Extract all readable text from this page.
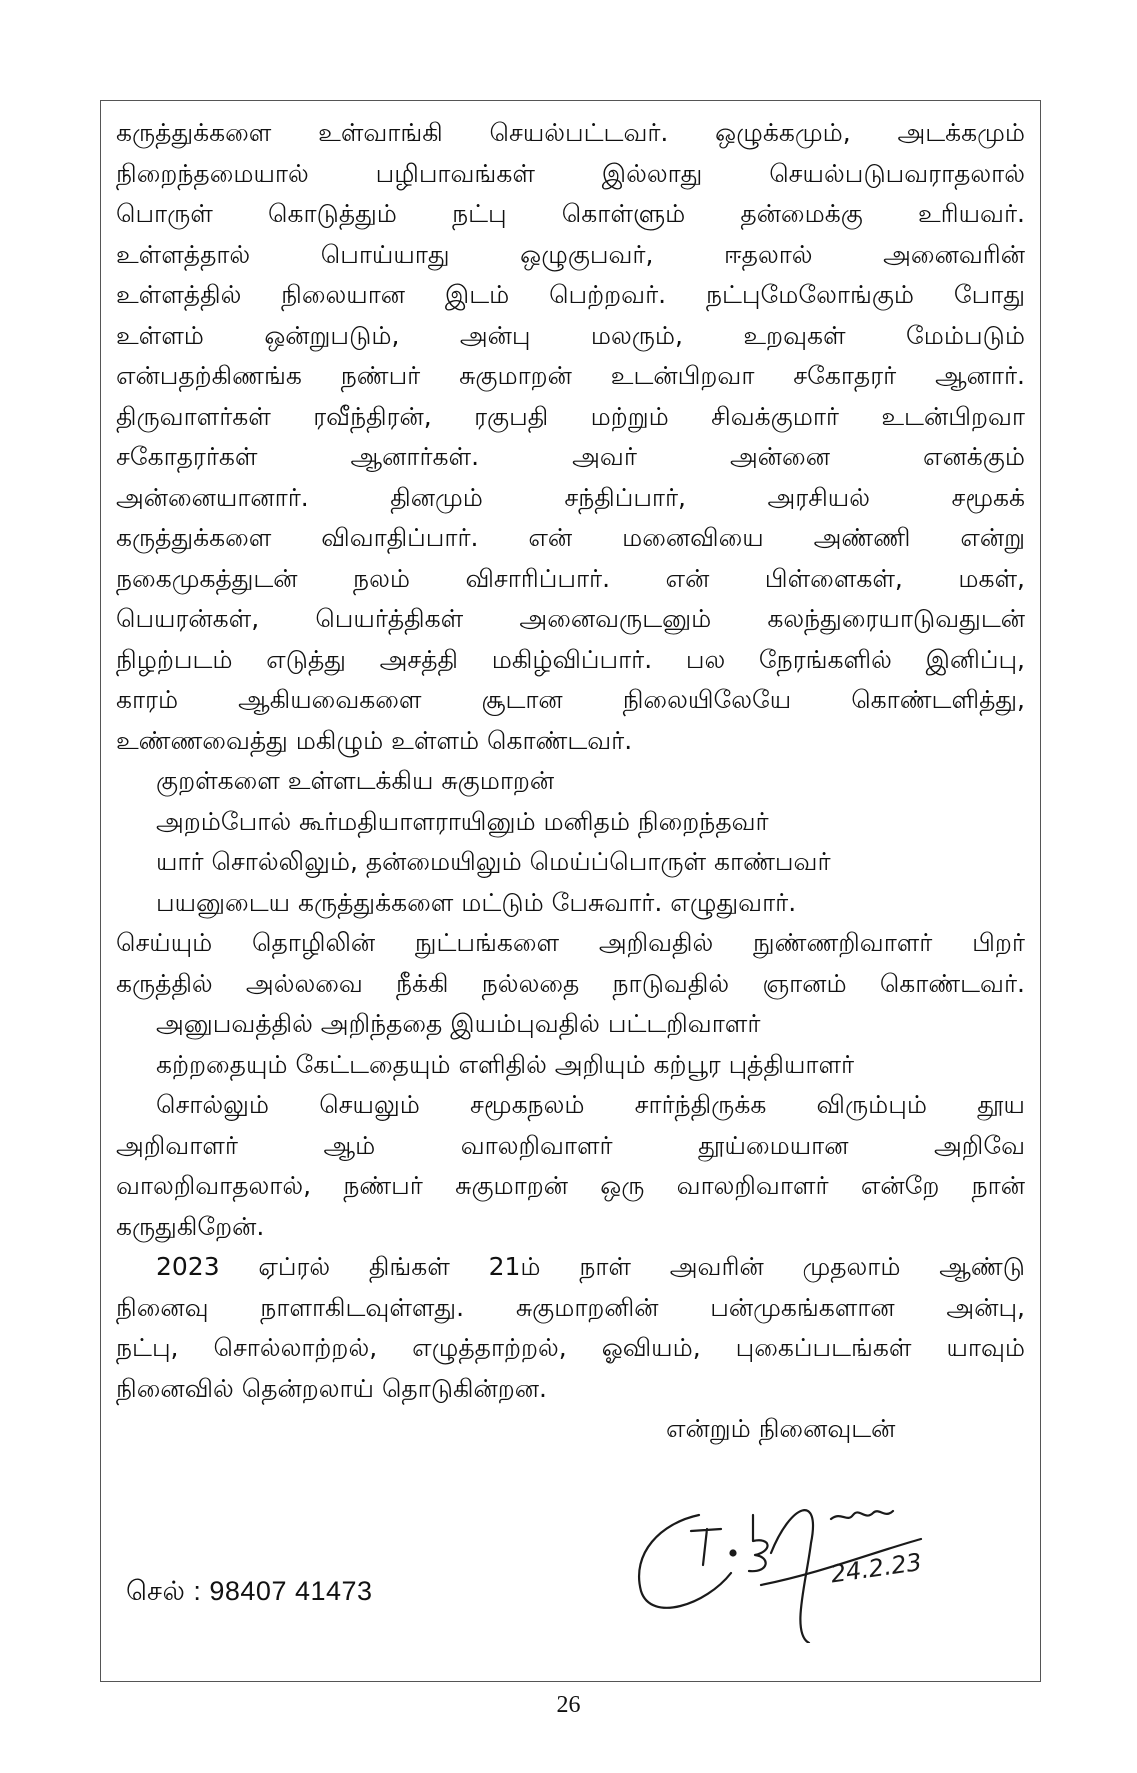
கருத்துக்களை உள்வாங்கி செயல்பட்டவர். ஒழுக்கமும், அடக்கமும்
நிறைந்தமையால் பழிபாவங்கள் இல்லாது செயல்படுபவராதலால்
பொருள் கொடுத்தும் நட்பு கொள்ளும் தன்மைக்கு உரியவர்.
உள்ளத்தால் பொய்யாது ஒழுகுபவர், ஈதலால் அனைவரின்
உள்ளத்தில் நிலையான இடம் பெற்றவர். நட்புமேலோங்கும் போது
உள்ளம் ஒன்றுபடும், அன்பு மலரும், உறவுகள் மேம்படும்
என்பதற்கிணங்க நண்பர் சுகுமாறன் உடன்பிறவா சகோதரர் ஆனார்.
திருவாளர்கள் ரவீந்திரன், ரகுபதி மற்றும் சிவக்குமார் உடன்பிறவா
சகோதரர்கள் ஆனார்கள். அவர் அன்னை எனக்கும்
அன்னையானார். தினமும் சந்திப்பார், அரசியல் சமூகக்
கருத்துக்களை விவாதிப்பார். என் மனைவியை அண்ணி என்று
நகைமுகத்துடன் நலம் விசாரிப்பார். என் பிள்ளைகள், மகள்,
பெயரன்கள், பெயர்த்திகள் அனைவருடனும் கலந்துரையாடுவதுடன்
நிழற்படம் எடுத்து அசத்தி மகிழ்விப்பார். பல நேரங்களில் இனிப்பு,
காரம் ஆகியவைகளை சூடான நிலையிலேயே கொண்டளித்து,
உண்ணவைத்து மகிழும் உள்ளம் கொண்டவர்.
குறள்களை உள்ளடக்கிய சுகுமாறன்
அறம்போல் கூர்மதியாளராயினும் மனிதம் நிறைந்தவர்
யார் சொல்லிலும், தன்மையிலும் மெய்ப்பொருள் காண்பவர்
பயனுடைய கருத்துக்களை மட்டும் பேசுவார். எழுதுவார்.
செய்யும் தொழிலின் நுட்பங்களை அறிவதில் நுண்ணறிவாளர் பிறர்
கருத்தில் அல்லவை நீக்கி நல்லதை நாடுவதில் ஞானம் கொண்டவர்.
அனுபவத்தில் அறிந்ததை இயம்புவதில் பட்டறிவாளர்
கற்றதையும் கேட்டதையும் எளிதில் அறியும் கற்பூர புத்தியாளர்
சொல்லும் செயலும் சமூகநலம் சார்ந்திருக்க விரும்பும் தூய
அறிவாளர் ஆம் வாலறிவாளர் தூய்மையான அறிவே
வாலறிவாதலால், நண்பர் சுகுமாறன் ஒரு வாலறிவாளர் என்றே நான்
கருதுகிறேன்.
2023 ஏப்ரல் திங்கள் 21ம் நாள் அவரின் முதலாம் ஆண்டு
நினைவு நாளாகிடவுள்ளது. சுகுமாறனின் பன்முகங்களான அன்பு,
நட்பு, சொல்லாற்றல், எழுத்தாற்றல், ஓவியம், புகைப்படங்கள் யாவும்
நினைவில் தென்றலாய் தொடுகின்றன.
என்றும் நினைவுடன்
செல் : 98407 41473
24.2.23
26
